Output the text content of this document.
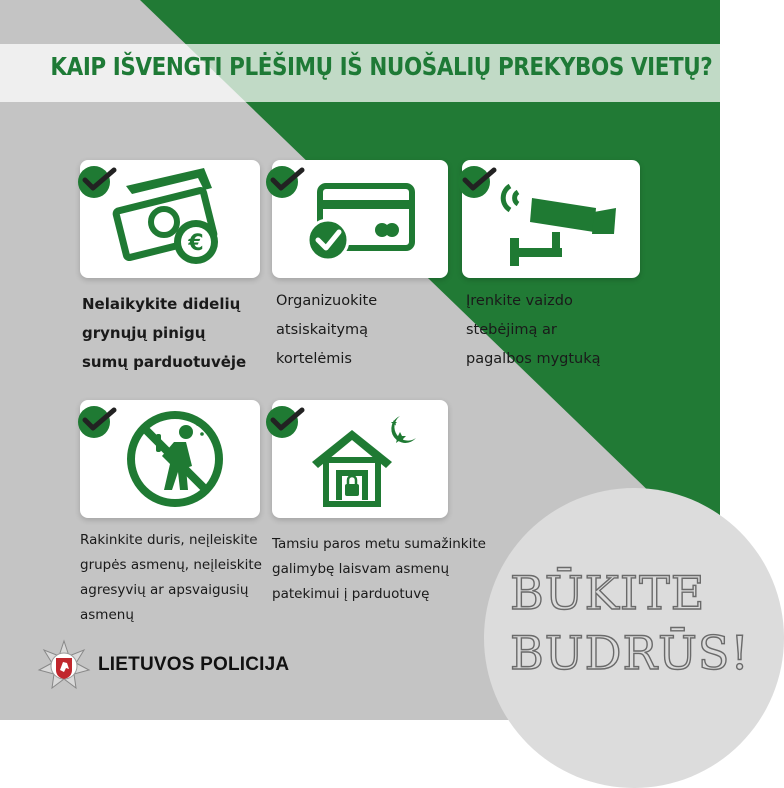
KAIP IŠVENGTI PLĖŠIMŲ IŠ NUOŠALIŲ PREKYBOS VIETŲ?
€
Nelaikykite didelių
grynųjų pinigų
sumų parduotuvėje
Organizuokite
atsiskaitymą
kortelėmis
Įrenkite vaizdo
stebėjimą ar
pagalbos mygtuką
Rakinkite duris, neįleiskite
grupės asmenų, neįleiskite
agresyvių ar apsvaigusių
asmenų
Tamsiu paros metu sumažinkite
galimybę laisvam asmenų
patekimui į parduotuvę
LIETUVOS POLICIJA
BŪKITE
BUDRŪS!
